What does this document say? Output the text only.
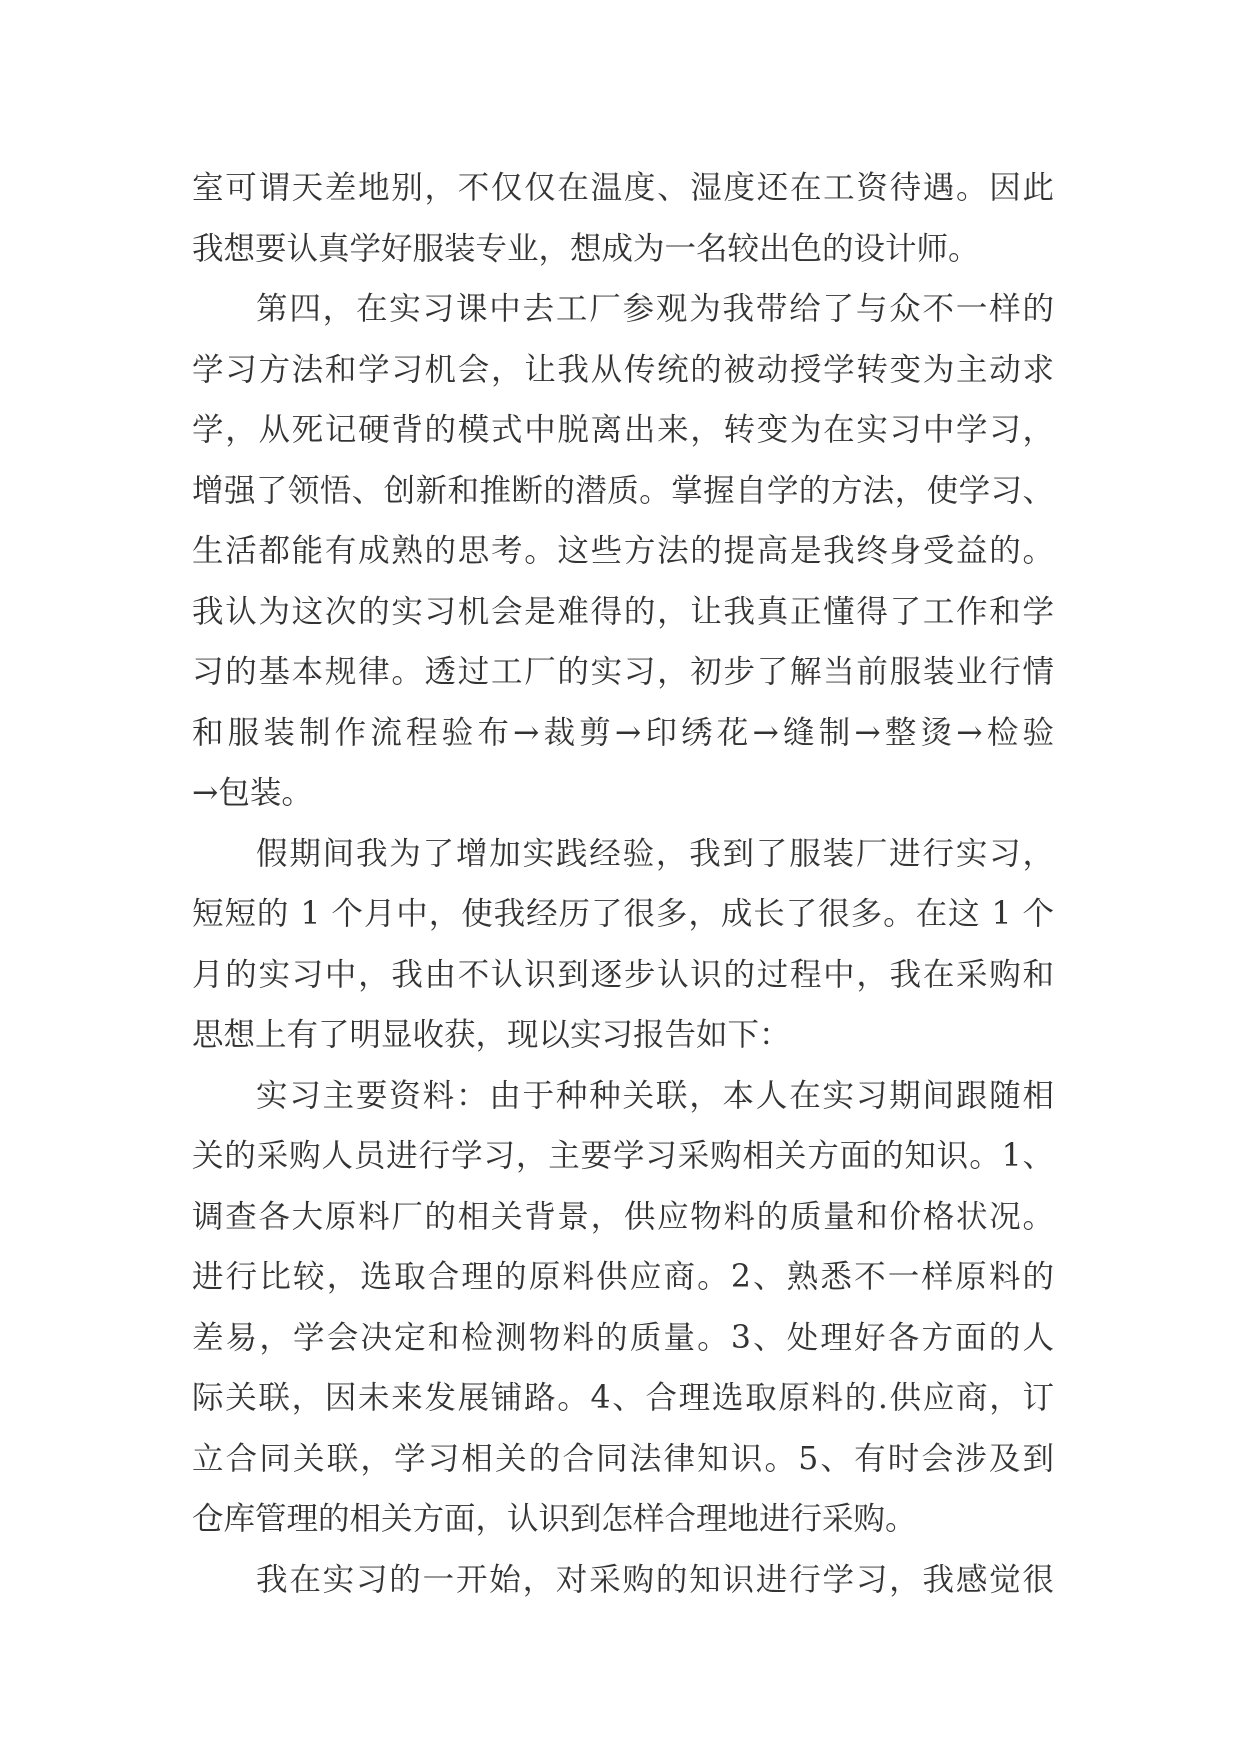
室可谓天差地别，不仅仅在温度、湿度还在工资待遇。因此
我想要认真学好服装专业，想成为一名较出色的设计师。
第四，在实习课中去工厂参观为我带给了与众不一样的
学习方法和学习机会，让我从传统的被动授学转变为主动求
学，从死记硬背的模式中脱离出来，转变为在实习中学习，
增强了领悟、创新和推断的潜质。掌握自学的方法，使学习、
生活都能有成熟的思考。这些方法的提高是我终身受益的。
我认为这次的实习机会是难得的，让我真正懂得了工作和学
习的基本规律。透过工厂的实习，初步了解当前服装业行情
和服装制作流程验布→裁剪→印绣花→缝制→整烫→检验
→包装。
假期间我为了增加实践经验，我到了服装厂进行实习，
短短的 1 个月中，使我经历了很多，成长了很多。在这 1 个
月的实习中，我由不认识到逐步认识的过程中，我在采购和
思想上有了明显收获，现以实习报告如下：
实习主要资料：由于种种关联，本人在实习期间跟随相
关的采购人员进行学习，主要学习采购相关方面的知识。1、
调查各大原料厂的相关背景，供应物料的质量和价格状况。
进行比较，选取合理的原料供应商。2、熟悉不一样原料的
差易，学会决定和检测物料的质量。3、处理好各方面的人
际关联，因未来发展铺路。4、合理选取原料的.供应商，订
立合同关联，学习相关的合同法律知识。5、有时会涉及到
仓库管理的相关方面，认识到怎样合理地进行采购。
我在实习的一开始，对采购的知识进行学习，我感觉很
